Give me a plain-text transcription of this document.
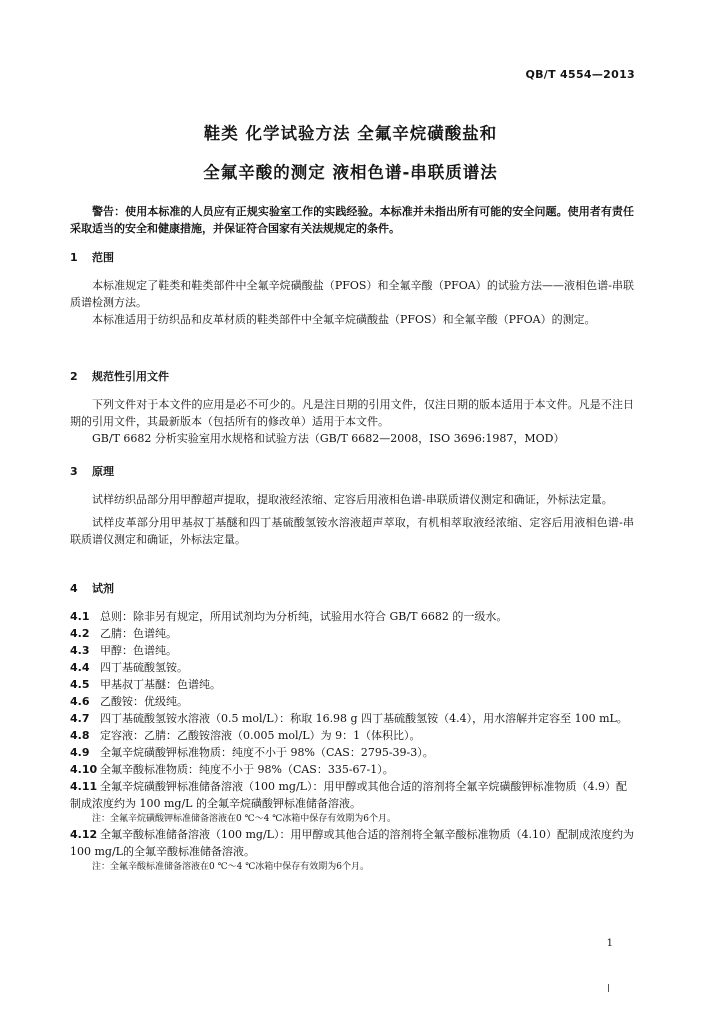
QB/T 4554—2013
鞋类 化学试验方法 全氟辛烷磺酸盐和
全氟辛酸的测定 液相色谱-串联质谱法

警告：使用本标准的人员应有正规实验室工作的实践经验。本标准并未指出所有可能的安全问题。使用者有责任采取适当的安全和健康措施，并保证符合国家有关法规规定的条件。

1 范围

本标准规定了鞋类和鞋类部件中全氟辛烷磺酸盐（PFOS）和全氟辛酸（PFOA）的试验方法——液相色谱-串联质谱检测方法。

本标准适用于纺织品和皮革材质的鞋类部件中全氟辛烷磺酸盐（PFOS）和全氟辛酸（PFOA）的测定。

2 规范性引用文件

下列文件对于本文件的应用是必不可少的。凡是注日期的引用文件，仅注日期的版本适用于本文件。凡是不注日期的引用文件，其最新版本（包括所有的修改单）适用于本文件。

GB/T 6682 分析实验室用水规格和试验方法（GB/T 6682—2008，ISO 3696:1987，MOD）

3 原理

试样纺织品部分用甲醇超声提取，提取液经浓缩、定容后用液相色谱-串联质谱仪测定和确证，外标法定量。

试样皮革部分用甲基叔丁基醚和四丁基硫酸氢铵水溶液超声萃取，有机相萃取液经浓缩、定容后用液相色谱-串联质谱仪测定和确证，外标法定量。

4 试剂

4.1 总则：除非另有规定，所用试剂均为分析纯，试验用水符合 GB/T 6682 的一级水。

4.2 乙腈：色谱纯。

4.3 甲醇：色谱纯。

4.4 四丁基硫酸氢铵。

4.5 甲基叔丁基醚：色谱纯。

4.6 乙酸铵：优级纯。

4.7 四丁基硫酸氢铵水溶液（0.5 mol/L）：称取 16.98 g 四丁基硫酸氢铵（4.4），用水溶解并定容至 100 mL。

4.8 定容液：乙腈：乙酸铵溶液（0.005 mol/L）为 9：1（体积比）。

4.9 全氟辛烷磺酸钾标准物质：纯度不小于 98%（CAS：2795-39-3）。

4.10 全氟辛酸标准物质：纯度不小于 98%（CAS：335-67-1）。

4.11 全氟辛烷磺酸钾标准储备溶液（100 mg/L）：用甲醇或其他合适的溶剂将全氟辛烷磺酸钾标准物质（4.9）配制成浓度约为 100 mg/L 的全氟辛烷磺酸钾标准储备溶液。

注：全氟辛烷磺酸钾标准储备溶液在0 ℃～4 ℃冰箱中保存有效期为6个月。

4.12 全氟辛酸标准储备溶液（100 mg/L）：用甲醇或其他合适的溶剂将全氟辛酸标准物质（4.10）配制成浓度约为100 mg/L的全氟辛酸标准储备溶液。

注：全氟辛酸标准储备溶液在0 ℃～4 ℃冰箱中保存有效期为6个月。

1
